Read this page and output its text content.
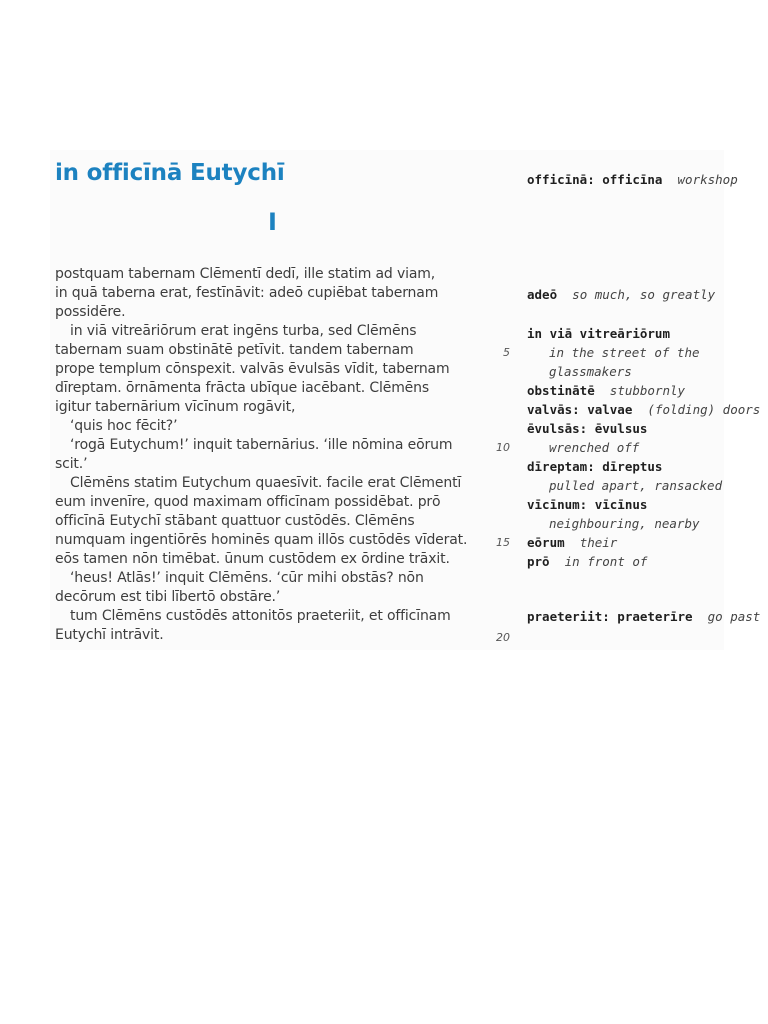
in officīnā Eutychī
I
postquam tabernam Clēmentī dedī, ille statim ad viam,
in quā taberna erat, festīnāvit: adeō cupiēbat tabernam
possidēre.
in viā vitreāriōrum erat ingēns turba, sed Clēmēns
tabernam suam obstinātē petīvit. tandem tabernam
prope templum cōnspexit. valvās ēvulsās vīdit, tabernam
dīreptam. ōrnāmenta frācta ubīque iacēbant. Clēmēns
igitur tabernārium vīcīnum rogāvit,
‘quis hoc fēcit?’
‘rogā Eutychum!’ inquit tabernārius. ‘ille nōmina eōrum
scit.’
Clēmēns statim Eutychum quaesīvit. facile erat Clēmentī
eum invenīre, quod maximam officīnam possidēbat. prō
officīnā Eutychī stābant quattuor custōdēs. Clēmēns
numquam ingentiōrēs hominēs quam illōs custōdēs vīderat.
eōs tamen nōn timēbat. ūnum custōdem ex ōrdine trāxit.
‘heus! Atlās!’ inquit Clēmēns. ‘cūr mihi obstās? nōn
decōrum est tibi lībertō obstāre.’
tum Clēmēns custōdēs attonitōs praeteriit, et officīnam
Eutychī intrāvit.
5
10
15
20
officīnā: officīna workshop
adeō so much, so greatly
in viā vitreāriōrum
in the street of the
glassmakers
obstinātē stubbornly
valvās: valvae (folding) doors
ēvulsās: ēvulsus
wrenched off
dīreptam: dīreptus
pulled apart, ransacked
vīcīnum: vīcīnus
neighbouring, nearby
eōrum their
prō in front of
praeteriit: praeterīre go past
